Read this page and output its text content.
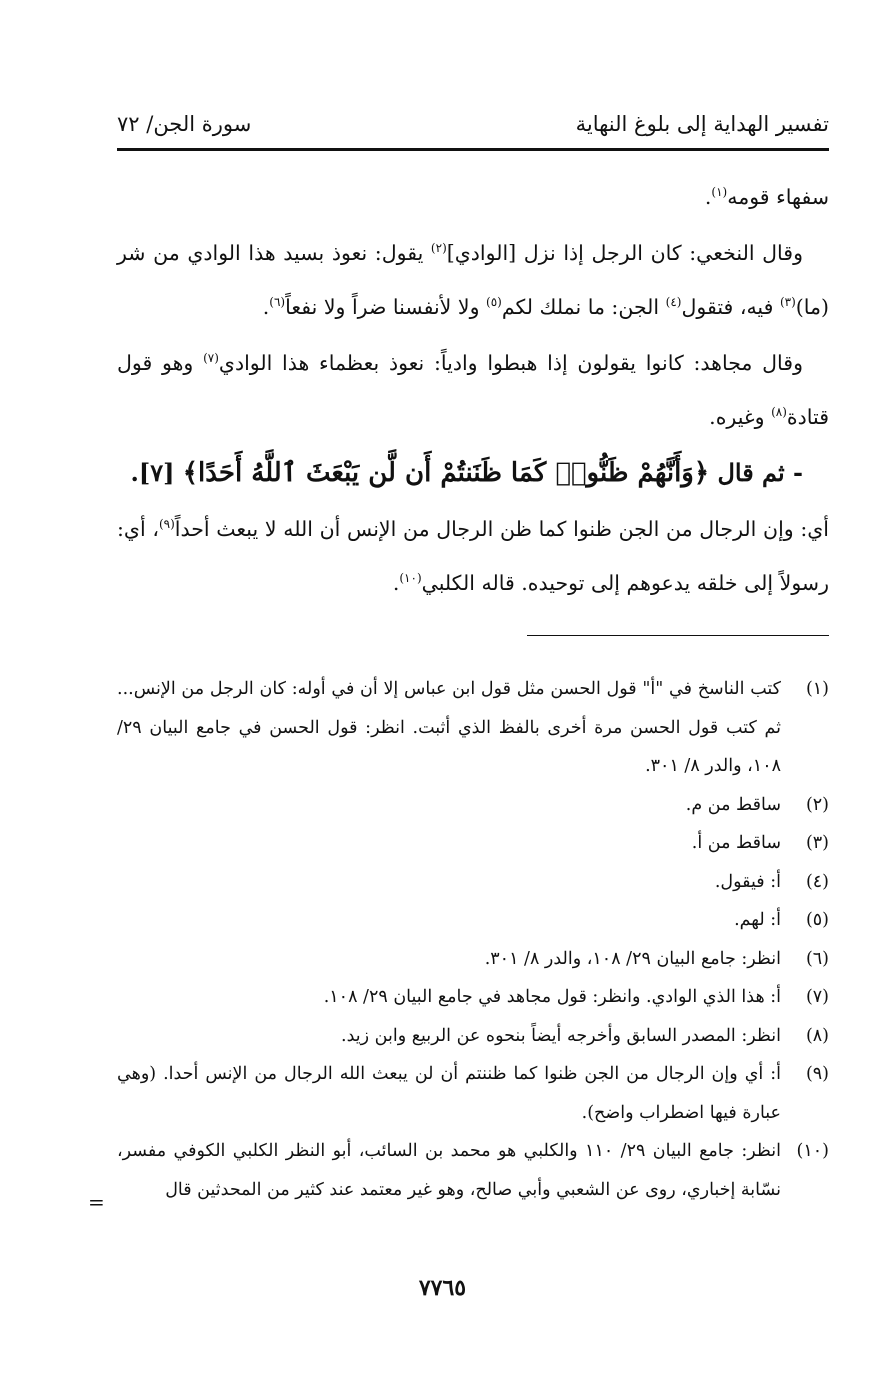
تفسير الهداية إلى بلوغ النهاية
سورة الجن/ ٧٢

سفهاء قومه$^{(١)}$.

وقال النخعي: كان الرجل إذا نزل [الوادي]$^{(٢)}$ يقول: نعوذ بسيد هذا الوادي من شر (ما)$^{(٣)}$ فيه، فتقول$^{(٤)}$ الجن: ما نملك لكم$^{(٥)}$ ولا لأنفسنا ضراً ولا نفعاً$^{(٦)}$.

وقال مجاهد: كانوا يقولون إذا هبطوا وادياً: نعوذ بعظماء هذا الوادي$^{(٧)}$ وهو قول قتادة$^{(٨)}$ وغيره.

- ثم قال ﴿وَأَنَّهُمْ ظَنُّوا۟ كَمَا ظَنَنتُمْ أَن لَّن يَبْعَثَ ٱللَّهُ أَحَدًا﴾ [٧].

أي: وإن الرجال من الجن ظنوا كما ظن الرجال من الإنس أن الله لا يبعث أحداً$^{(٩)}$، أي: رسولاً إلى خلقه يدعوهم إلى توحيده. قاله الكلبي$^{(١٠)}$.

(١)
كتب الناسخ في "أ" قول الحسن مثل قول ابن عباس إلا أن في أوله: كان الرجل من الإنس... ثم كتب قول الحسن مرة أخرى بالفظ الذي أثبت. انظر: قول الحسن في جامع البيان ٢٩/ ١٠٨، والدر ٨/ ٣٠١.
(٢)
ساقط من م.
(٣)
ساقط من أ.
(٤)
أ: فيقول.
(٥)
أ: لهم.
(٦)
انظر: جامع البيان ٢٩/ ١٠٨، والدر ٨/ ٣٠١.
(٧)
أ: هذا الذي الوادي. وانظر: قول مجاهد في جامع البيان ٢٩/ ١٠٨.
(٨)
انظر: المصدر السابق وأخرجه أيضاً بنحوه عن الربيع وابن زيد.
(٩)
أ: أي وإن الرجال من الجن ظنوا كما ظننتم أن لن يبعث الله الرجال من الإنس أحدا. (وهي عبارة فيها اضطراب واضح).
(١٠)
انظر: جامع البيان ٢٩/ ١١٠ والكلبي هو محمد بن السائب، أبو النظر الكلبي الكوفي مفسر، نسّابة إخباري، روى عن الشعبي وأبي صالح، وهو غير معتمد عند كثير من المحدثين قال
=
٧٧٦٥
